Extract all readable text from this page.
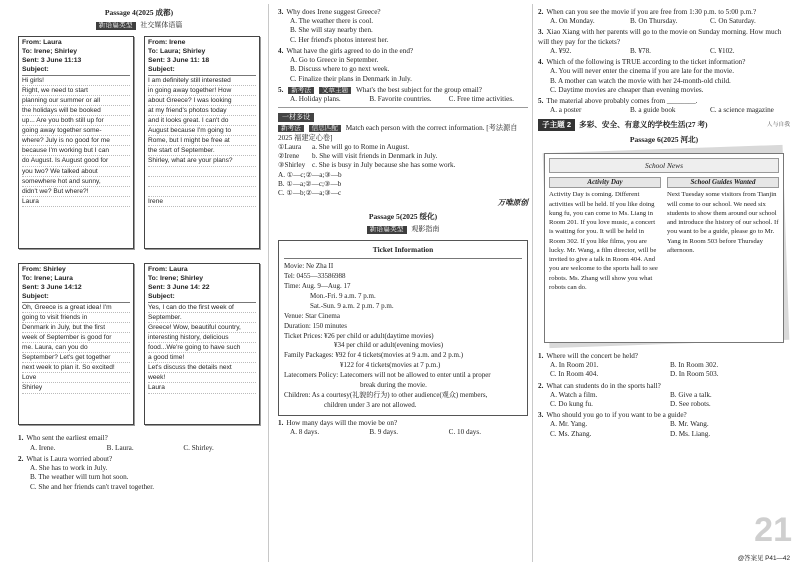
Passage 4(2025 成都)
新语篇类型 社交媒体语篇
From: Laura
To: Irene; Shirley
Sent: 3 June 11:13
Subject:
Hi girls!
Right, we need to start
planning our summer or all
the holidays will be booked
up... Are you both still up for
going away together some-
where? July is no good for me
because I'm working but I can
do August. Is August good for
you two? We talked about
somewhere hot and sunny,
didn't we? But where?!
Laura
From: Irene
To: Laura; Shirley
Sent: 3 June 11: 18
Subject:
I am definitely still interested
in going away together! How
about Greece? I was looking
at my friend's photos today
and it looks great. I can't do
August because I'm going to
Rome, but I might be free at
the start of September.
Shirley, what are your plans?

Irene
From: Shirley
To: Irene; Laura
Sent: 3 June 14:12
Subject:
Oh, Greece is a great idea! I'm
going to visit friends in
Denmark in July, but the first
week of September is good for
me. Laura, can you do
September? Let's get together
next week to plan it. So excited!
Love
Shirley
From: Laura
To: Irene; Shirley
Sent: 3 June 14: 22
Subject:
Yes, I can do the first week of
September.
Greece! Wow, beautiful country,
interesting history, delicious
food...We're going to have such
a good time!
Let's discuss the details next
week!
Laura
1. Who sent the earliest email?
A. Irene.	B. Laura.	C. Shirley.
2. What is Laura worried about?
A. She has to work in July.
B. The weather will turn hot soon.
C. She and her friends can't travel together.
3. Why does Irene suggest Greece?
A. The weather there is cool.
B. She will stay nearby then.
C. Her friend's photos interest her.
4. What have the girls agreed to do in the end?
A. Go to Greece in September.
B. Discuss where to go next week.
C. Finalize their plans in Denmark in July.
5. 新考法 文章主题 What's the best subject for the group email?
A. Holiday plans.	B. Favorite countries.	C. Free time activities.
一材多设
新考法 信息匹配 Match each person with the correct information. [考法源自 2025 福建定心卷]
①Laura	a. She will go to Rome in August.
②Irene	b. She will visit friends in Denmark in July.
③Shirley c. She is busy in July because she has some work.
A. ①—c;②—a;③—b
B. ①—a;②—c;③—b
C. ①—b;②—a;③—c
万唯原创
Passage 5(2025 绥化)
新语篇类型 观影指南
Ticket Information
Movie: Ne Zha II
Tel: 0455—33586988
Time: Aug. 9—Aug. 17
Mon.-Fri. 9 a.m. 7 p.m.
Sat.-Sun. 9 a.m. 2 p.m. 7 p.m.
Venue: Star Cinema
Duration: 150 minutes
Ticket Prices: ¥26 per child or adult(daytime movies)
¥34 per child or adult(evening movies)
Family Packages: ¥92 for 4 tickets(movies at 9 a.m. and 2 p.m.)
¥122 for 4 tickets(movies at 7 p.m.)
Latecomers Policy: Latecomers will not be allowed to enter until a proper
break during the movie.
Children: As a courtesy(礼貌的行为) to other audience(观众) members,
children under 3 are not allowed.
1. How many days will the movie be on?
A. 8 days.	B. 9 days.	C. 10 days.
2. When can you see the movie if you are free from 1:30 p.m. to 5:00 p.m.?
A. On Monday.	B. On Thursday.	C. On Saturday.
3. Xiao Xiang with her parents will go to the movie on Sunday morning. How much will they pay for the tickets?
A. ¥92.	B. ¥78.	C. ¥102.
4. Which of the following is TRUE according to the ticket information?
A. You will never enter the cinema if you are late for the movie.
B. A mother can watch the movie with her 24-month-old child.
C. Daytime movies are cheaper than evening movies.
5. The material above probably comes from ________.
A. a poster	B. a guide book	C. a science magazine
子主题 2	多彩、安全、有意义的学校生活(27 考)	人与自我
Passage 6(2025 河北)
School News
Activity Day

Activity Day is coming. Different activities will be held. If you like doing kung fu, you can come to Ms. Liang in Room 201. If you love music, a concert is waiting for you. It will be held in Room 302. If you like films, you are lucky. Mr. Wang, a film director, will be invited to give a talk in Room 404. And you are welcome to the sports hall to see robots. Ms. Zhang will show you what robots can do.

School Guides Wanted

Next Tuesday some visitors from Tianjin will come to our school. We need six students to show them around our school and introduce the history of our school. If you want to be a guide, please go to Mr. Yang in Room 503 before Thursday afternoon.

1. Where will the concert be held?
A. In Room 201.	B. In Room 302.
C. In Room 404.	D. In Room 503.
2. What can students do in the sports hall?
A. Watch a film.	B. Give a talk.
C. Do kung fu.	D. See robots.
3. Who should you go to if you want to be a guide?
A. Mr. Yang.	B. Mr. Wang.
C. Ms. Zhang.	D. Ms. Liang.
21
@答案见 P41—42
